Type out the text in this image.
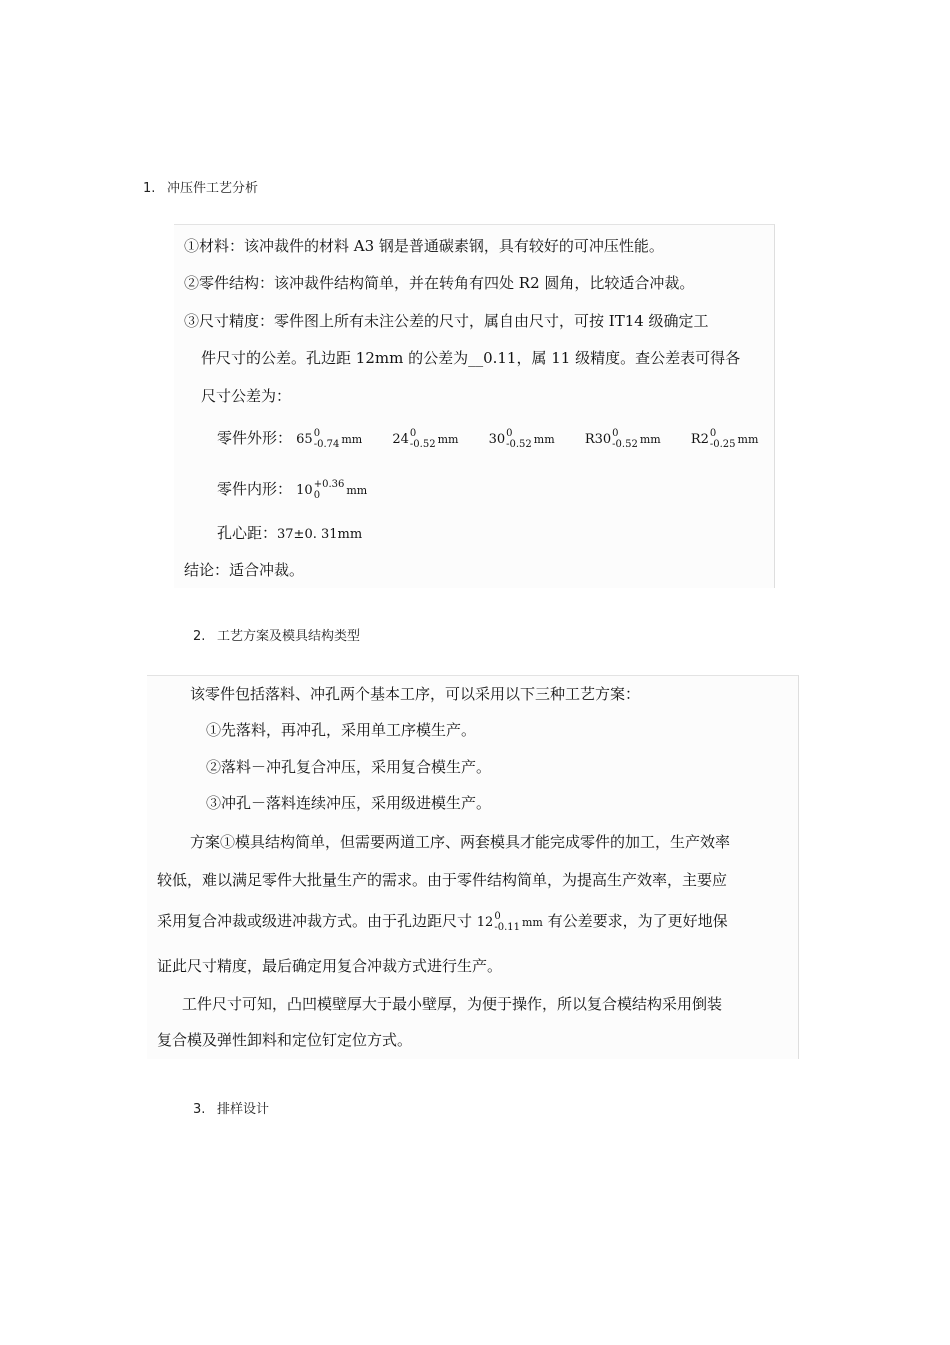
1. 冲压件工艺分析
①材料：该冲裁件的材料 A3 钢是普通碳素钢，具有较好的可冲压性能。
②零件结构：该冲裁件结构简单，并在转角有四处 R2 圆角，比较适合冲裁。
③尺寸精度：零件图上所有未注公差的尺寸，属自由尺寸，可按 IT14 级确定工
件尺寸的公差。孔边距 12mm 的公差为__0.11，属 11 级精度。查公差表可得各
尺寸公差为：
零件外形： 65 0
-0.74 mm 24 0
-0.52 mm 30 0
-0.52 mm R30 0
-0.52 mm R2 0
-0.25 mm
零件内形： 10 +0.36
0	mm
孔心距：37±0. 31mm
结论：适合冲裁。
2. 工艺方案及模具结构类型
该零件包括落料、冲孔两个基本工序，可以采用以下三种工艺方案：
①先落料，再冲孔，采用单工序模生产。
②落料－冲孔复合冲压，采用复合模生产。
③冲孔－落料连续冲压，采用级进模生产。
方案①模具结构简单，但需要两道工序、两套模具才能完成零件的加工，生产效率
较低，难以满足零件大批量生产的需求。由于零件结构简单，为提高生产效率，主要应
采用复合冲裁或级进冲裁方式。由于孔边距尺寸 12 0
-0.11 mm 有公差要求，为了更好地保
证此尺寸精度，最后确定用复合冲裁方式进行生产。
工件尺寸可知，凸凹模壁厚大于最小壁厚，为便于操作，所以复合模结构采用倒装
复合模及弹性卸料和定位钉定位方式。
3. 排样设计
